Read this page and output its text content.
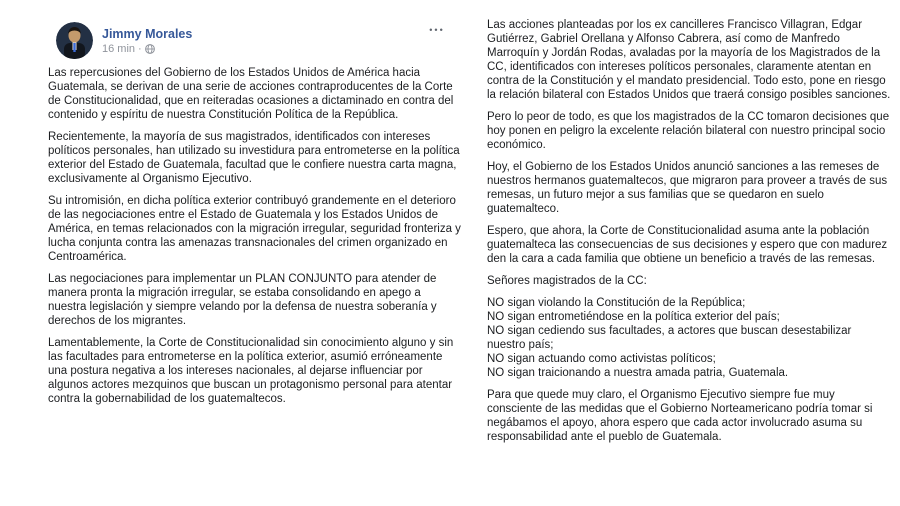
Jimmy Morales
16 min ·
•••

Las repercusiones del Gobierno de los Estados Unidos de América hacia Guatemala, se derivan de una serie de acciones contraproducentes de la Corte de Constitucionalidad, que en reiteradas ocasiones a dictaminado en contra del contenido y espíritu de nuestra Constitución Política de la República.

Recientemente, la mayoría de sus magistrados, identificados con intereses políticos personales, han utilizado su investidura para entrometerse en la política exterior del Estado de Guatemala, facultad que le confiere nuestra carta magna, exclusivamente al Organismo Ejecutivo.

Su intromisión, en dicha política exterior contribuyó grandemente en el deterioro de las negociaciones entre el Estado de Guatemala y los Estados Unidos de América, en temas relacionados con la migración irregular, seguridad fronteriza y lucha conjunta contra las amenazas transnacionales del crimen organizado en Centroamérica.

Las negociaciones para implementar un PLAN CONJUNTO para atender de manera pronta la migración irregular, se estaba consolidando en apego a nuestra legislación y siempre velando por la defensa de nuestra soberanía y derechos de los migrantes.

Lamentablemente, la Corte de Constitucionalidad sin conocimiento alguno y sin las facultades para entrometerse en la política exterior, asumió erróneamente una postura negativa a los intereses nacionales, al dejarse influenciar por algunos actores mezquinos que buscan un protagonismo personal para atentar contra la gobernabilidad de los guatemaltecos.

Las acciones planteadas por los ex cancilleres Francisco Villagran, Edgar Gutiérrez, Gabriel Orellana y Alfonso Cabrera, así como de Manfredo Marroquín y Jordán Rodas, avaladas por la mayoría de los Magistrados de la CC, identificados con intereses políticos personales, claramente atentan en contra de la Constitución y el mandato presidencial. Todo esto, pone en riesgo la relación bilateral con Estados Unidos que traerá consigo posibles sanciones.

Pero lo peor de todo, es que los magistrados de la CC tomaron decisiones que hoy ponen en peligro la excelente relación bilateral con nuestro principal socio económico.

Hoy, el Gobierno de los Estados Unidos anunció sanciones a las remeses de nuestros hermanos guatemaltecos, que migraron para proveer a través de sus remesas, un futuro mejor a sus familias que se quedaron en suelo guatemalteco.

Espero, que ahora, la Corte de Constitucionalidad asuma ante la población guatemalteca las consecuencias de sus decisiones y espero que con madurez den la cara a cada familia que obtiene un beneficio a través de las remesas.

Señores magistrados de la CC:

NO sigan violando la Constitución de la República;
NO sigan entrometiéndose en la política exterior del país;
NO sigan cediendo sus facultades, a actores que buscan desestabilizar nuestro país;
NO sigan actuando como activistas políticos;
NO sigan traicionando a nuestra amada patria, Guatemala.

Para que quede muy claro, el Organismo Ejecutivo siempre fue muy consciente de las medidas que el Gobierno Norteamericano podría tomar si negábamos el apoyo, ahora espero que cada actor involucrado asuma su responsabilidad ante el pueblo de Guatemala.
